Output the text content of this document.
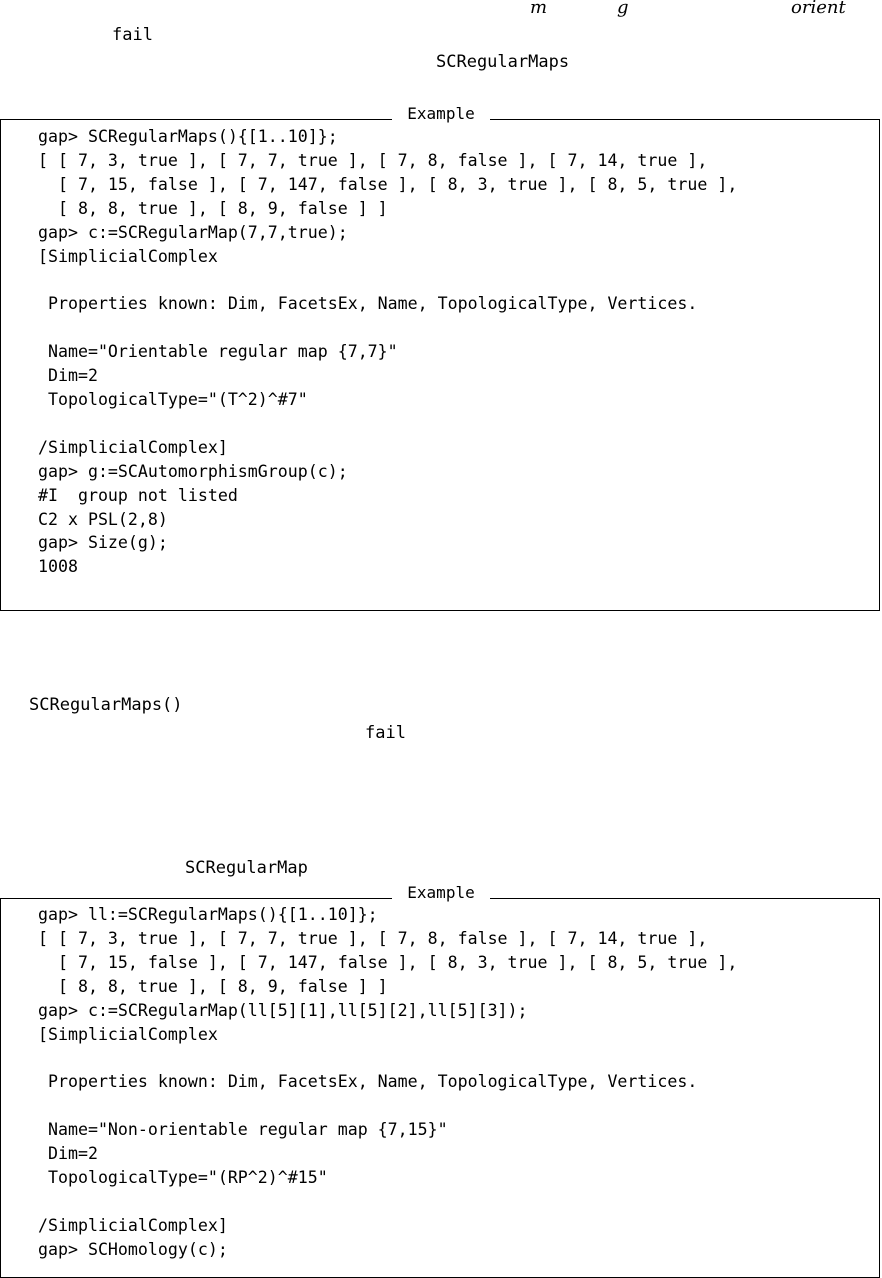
m	g	orient
fail
SCRegularMaps
Example
gap> SCRegularMaps(){[1..10]};
[ [ 7, 3, true ], [ 7, 7, true ], [ 7, 8, false ], [ 7, 14, true ],
[ 7, 15, false ], [ 7, 147, false ], [ 8, 3, true ], [ 8, 5, true ],
[ 8, 8, true ], [ 8, 9, false ] ]
gap> c:=SCRegularMap(7,7,true);
[SimplicialComplex

Properties known: Dim, FacetsEx, Name, TopologicalType, Vertices.

Name="Orientable regular map {7,7}"
Dim=2
TopologicalType="(T^2)^#7"

/SimplicialComplex]
gap> g:=SCAutomorphismGroup(c);
#I  group not listed
C2 x PSL(2,8)
gap> Size(g);
1008
SCRegularMaps()
fail
SCRegularMap
Example
gap> ll:=SCRegularMaps(){[1..10]};
[ [ 7, 3, true ], [ 7, 7, true ], [ 7, 8, false ], [ 7, 14, true ],
[ 7, 15, false ], [ 7, 147, false ], [ 8, 3, true ], [ 8, 5, true ],
[ 8, 8, true ], [ 8, 9, false ] ]
gap> c:=SCRegularMap(ll[5][1],ll[5][2],ll[5][3]);
[SimplicialComplex

Properties known: Dim, FacetsEx, Name, TopologicalType, Vertices.

Name="Non-orientable regular map {7,15}"
Dim=2
TopologicalType="(RP^2)^#15"

/SimplicialComplex]
gap> SCHomology(c);
